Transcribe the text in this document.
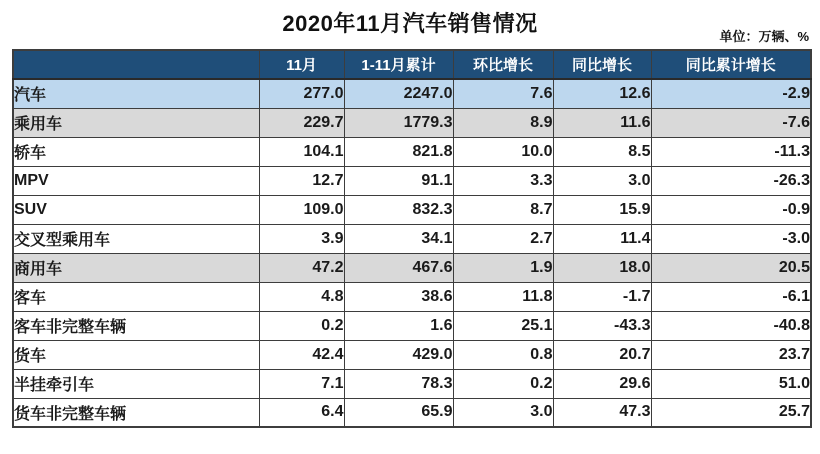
2020年11月汽车销售情况
单位：万辆、%
	11月	1-11月累计	环比增长	同比增长	同比累计增长
汽车	277.0	2247.0	7.6	12.6	-2.9
乘用车	229.7	1779.3	8.9	11.6	-7.6
轿车	104.1	821.8	10.0	8.5	-11.3
MPV	12.7	91.1	3.3	3.0	-26.3
SUV	109.0	832.3	8.7	15.9	-0.9
交叉型乘用车	3.9	34.1	2.7	11.4	-3.0
商用车	47.2	467.6	1.9	18.0	20.5
客车	4.8	38.6	11.8	-1.7	-6.1
客车非完整车辆	0.2	1.6	25.1	-43.3	-40.8
货车	42.4	429.0	0.8	20.7	23.7
半挂牵引车	7.1	78.3	0.2	29.6	51.0
货车非完整车辆	6.4	65.9	3.0	47.3	25.7
